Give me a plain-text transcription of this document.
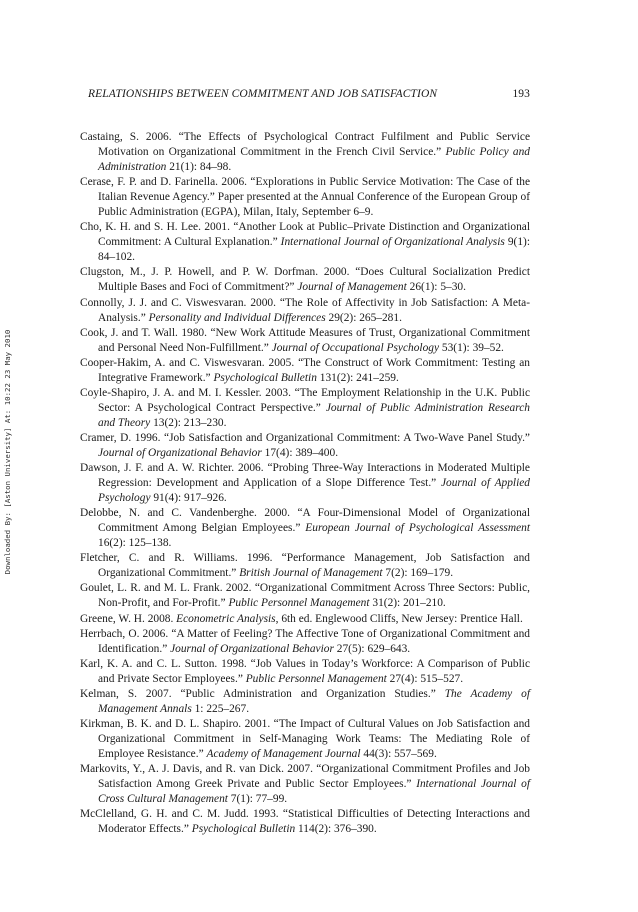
RELATIONSHIPS BETWEEN COMMITMENT AND JOB SATISFACTION	193
Downloaded By: [Aston University] At: 10:22 23 May 2010

Castaing, S. 2006. “The Effects of Psychological Contract Fulfilment and Public Service Motivation on Organizational Commitment in the French Civil Service.” Public Policy and Administration 21(1): 84–98.

Cerase, F. P. and D. Farinella. 2006. “Explorations in Public Service Motivation: The Case of the Italian Revenue Agency.” Paper presented at the Annual Conference of the European Group of Public Administration (EGPA), Milan, Italy, September 6–9.

Cho, K. H. and S. H. Lee. 2001. “Another Look at Public–Private Distinction and Organizational Commitment: A Cultural Explanation.” International Journal of Organizational Analysis 9(1): 84–102.

Clugston, M., J. P. Howell, and P. W. Dorfman. 2000. “Does Cultural Socialization Predict Multiple Bases and Foci of Commitment?” Journal of Management 26(1): 5–30.

Connolly, J. J. and C. Viswesvaran. 2000. “The Role of Affectivity in Job Satisfaction: A Meta-Analysis.” Personality and Individual Differences 29(2): 265–281.

Cook, J. and T. Wall. 1980. “New Work Attitude Measures of Trust, Organizational Commitment and Personal Need Non-Fulfillment.” Journal of Occupational Psychology 53(1): 39–52.

Cooper-Hakim, A. and C. Viswesvaran. 2005. “The Construct of Work Commitment: Testing an Integrative Framework.” Psychological Bulletin 131(2): 241–259.

Coyle-Shapiro, J. A. and M. I. Kessler. 2003. “The Employment Relationship in the U.K. Public Sector: A Psychological Contract Perspective.” Journal of Public Administration Research and Theory 13(2): 213–230.

Cramer, D. 1996. “Job Satisfaction and Organizational Commitment: A Two-Wave Panel Study.” Journal of Organizational Behavior 17(4): 389–400.

Dawson, J. F. and A. W. Richter. 2006. “Probing Three-Way Interactions in Moderated Multiple Regression: Development and Application of a Slope Difference Test.” Journal of Applied Psychology 91(4): 917–926.

Delobbe, N. and C. Vandenberghe. 2000. “A Four-Dimensional Model of Organizational Commitment Among Belgian Employees.” European Journal of Psychological Assessment 16(2): 125–138.

Fletcher, C. and R. Williams. 1996. “Performance Management, Job Satisfaction and Organizational Commitment.” British Journal of Management 7(2): 169–179.

Goulet, L. R. and M. L. Frank. 2002. “Organizational Commitment Across Three Sectors: Public, Non-Profit, and For-Profit.” Public Personnel Management 31(2): 201–210.

Greene, W. H. 2008. Econometric Analysis, 6th ed. Englewood Cliffs, New Jersey: Prentice Hall.

Herrbach, O. 2006. “A Matter of Feeling? The Affective Tone of Organizational Commitment and Identification.” Journal of Organizational Behavior 27(5): 629–643.

Karl, K. A. and C. L. Sutton. 1998. “Job Values in Today’s Workforce: A Comparison of Public and Private Sector Employees.” Public Personnel Management 27(4): 515–527.

Kelman, S. 2007. “Public Administration and Organization Studies.” The Academy of Management Annals 1: 225–267.

Kirkman, B. K. and D. L. Shapiro. 2001. “The Impact of Cultural Values on Job Satisfaction and Organizational Commitment in Self-Managing Work Teams: The Mediating Role of Employee Resistance.” Academy of Management Journal 44(3): 557–569.

Markovits, Y., A. J. Davis, and R. van Dick. 2007. “Organizational Commitment Profiles and Job Satisfaction Among Greek Private and Public Sector Employees.” International Journal of Cross Cultural Management 7(1): 77–99.

McClelland, G. H. and C. M. Judd. 1993. “Statistical Difficulties of Detecting Interactions and Moderator Effects.” Psychological Bulletin 114(2): 376–390.
